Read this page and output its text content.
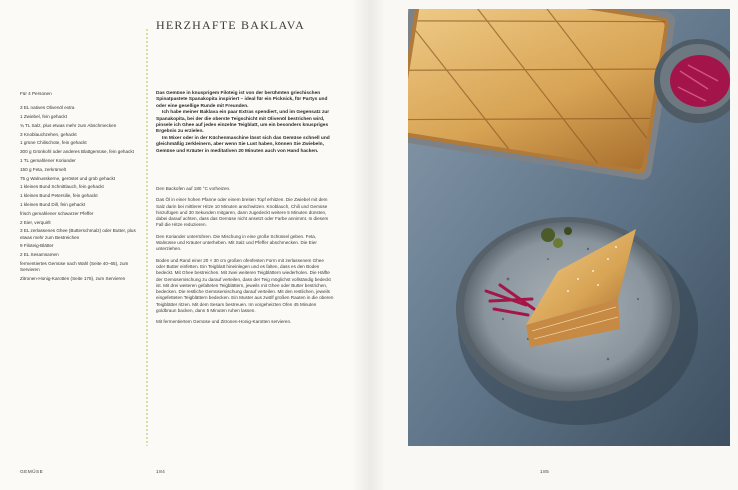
HERZHAFTE BAKLAVA
Für 4 Personen
3 EL natives Olivenöl extra
1 Zwiebel, fein gehackt
¾ TL Salz, plus etwas mehr zum Abschmecken
3 Knoblauchzehen, gehackt
1 grüne Chilischote, fein gehackt
300 g Grünkohl oder anderes Blattgemüse, fein gehackt
1 TL gemahlener Koriander
150 g Feta, zerkrümelt
75 g Walnusskerne, geröstet und grob gehackt
1 kleines Bund Schnittlauch, fein gehackt
1 kleines Bund Petersilie, fein gehackt
1 kleines Bund Dill, fein gehackt
frisch gemahlener schwarzer Pfeffer
2 Eier, verquirlt
3 EL zerlassenes Ghee (Butterschmalz) oder Butter, plus etwas mehr zum Bestreichen
9 Filoteig-Blätter
2 EL Sesamsamen
fermentiertes Gemüse nach Wahl (Seite 40–65), zum Servieren
Zitronen-Honig-Karotten (Seite 178), zum Servieren

Das Gemüse in knusprigem Filoteig ist von der berühmten griechischen Spinatpastete Spanakopita inspiriert – ideal für ein Picknick, für Partys und oder eine gesellige Runde mit Freunden.

Ich habe meiner Baklava ein paar Extras spendiert, und im Gegensatz zur Spanakopita, bei der die oberste Teigschicht mit Olivenöl bestrichen wird, pinsele ich Ghee auf jedes einzelne Teigblatt, um ein besonders knuspriges Ergebnis zu erzielen.

Im Mixer oder in der Küchenmaschine lässt sich das Gemüse schnell und gleichmäßig zerkleinern, aber wenn Sie Lust haben, können Sie Zwiebeln, Gemüse und Kräuter in meditativen 20 Minuten auch von Hand hacken.

Den Backofen auf 180 °C vorheizen.

Das Öl in einer hohen Pfanne oder einem breiten Topf erhitzen. Die Zwiebel mit dem Salz darin bei mittlerer Hitze 10 Minuten anschwitzen. Knoblauch, Chili und Gemüse hinzufügen und 30 Sekunden mitgaren, dann zugedeckt weitere 5 Minuten dünsten, dabei darauf achten, dass das Gemüse nicht ansetzt oder Farbe annimmt. In diesem Fall die Hitze reduzieren.

Den Koriander unterrühren. Die Mischung in eine große Schüssel geben. Feta, Walnüsse und Kräuter unterheben. Mit Salz und Pfeffer abschmecken. Die Eier unterziehen.

Boden und Rand einer 20 × 30 cm großen ofenfesten Form mit zerlassenem Ghee oder Butter einfetten. Ein Teigblatt hineinlegen und es falten, dass es den Boden bedeckt. Mit Ghee bestreichen. Mit zwei weiteren Teigblättern wiederholen. Die Hälfte der Gemüsemischung zu darauf verteilen, dass der Teig möglichst vollständig bedeckt ist. Mit drei weiteren gefalteten Teigblättern, jeweils mit Ghee oder Butter bestrichen, bedecken. Die restliche Gemüsemischung darauf verteilen. Mit den restlichen, jeweils eingefetteten Teigblättern bedecken. Ein Muster aus zwölf großen Rauten in die oberen Teigblätter ritzen. Mit dem Sesam bestreuen. Im vorgeheizten Ofen 45 Minuten goldbraun backen, dann 5 Minuten ruhen lassen.

Mit fermentiertem Gemüse und Zitronen-Honig-Karotten servieren.

GEMÜSE	184	185
